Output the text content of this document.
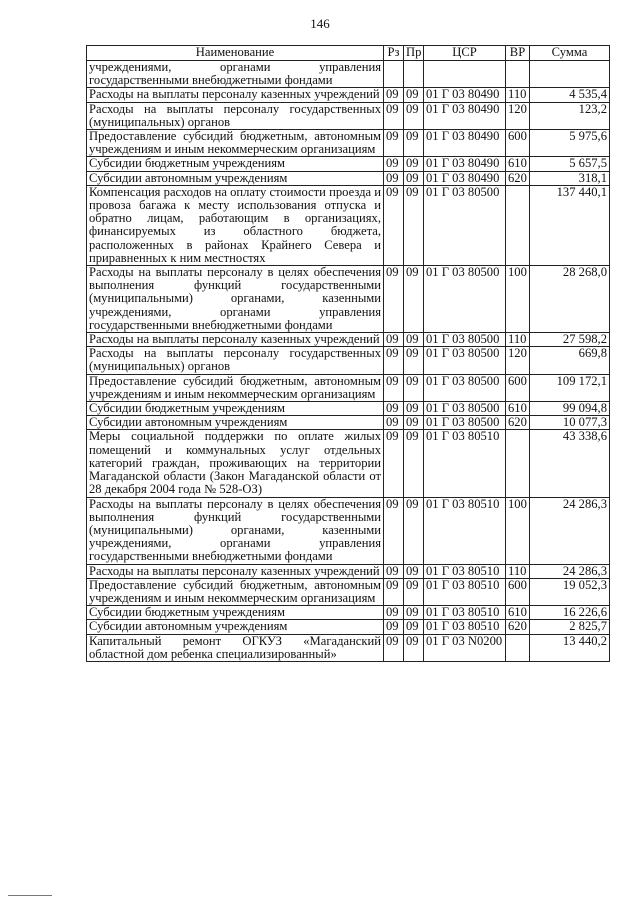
146
Наименование	Рз	Пр	ЦСР	ВР	Сумма
учреждениями, органами управления государственными внебюджетными фондами					
Расходы на выплаты персоналу казенных учреждений	09	09	01 Г 03 80490	110	4 535,4
Расходы на выплаты персоналу государственных (муниципальных) органов	09	09	01 Г 03 80490	120	123,2
Предоставление субсидий бюджетным, автономным учреждениям и иным некоммерческим организациям	09	09	01 Г 03 80490	600	5 975,6
Субсидии бюджетным учреждениям	09	09	01 Г 03 80490	610	5 657,5
Субсидии автономным учреждениям	09	09	01 Г 03 80490	620	318,1
Компенсация расходов на оплату стоимости проезда и провоза багажа к месту использования отпуска и обратно лицам, работающим в организациях, финансируемых из областного бюджета, расположенных в районах Крайнего Севера и приравненных к ним местностях	09	09	01 Г 03 80500		137 440,1
Расходы на выплаты персоналу в целях обеспечения выполнения функций государственными (муниципальными) органами, казенными учреждениями, органами управления государственными внебюджетными фондами	09	09	01 Г 03 80500	100	28 268,0
Расходы на выплаты персоналу казенных учреждений	09	09	01 Г 03 80500	110	27 598,2
Расходы на выплаты персоналу государственных (муниципальных) органов	09	09	01 Г 03 80500	120	669,8
Предоставление субсидий бюджетным, автономным учреждениям и иным некоммерческим организациям	09	09	01 Г 03 80500	600	109 172,1
Субсидии бюджетным учреждениям	09	09	01 Г 03 80500	610	99 094,8
Субсидии автономным учреждениям	09	09	01 Г 03 80500	620	10 077,3
Меры социальной поддержки по оплате жилых помещений и коммунальных услуг отдельных категорий граждан, проживающих на территории Магаданской области (Закон Магаданской области от 28 декабря 2004 года № 528-ОЗ)	09	09	01 Г 03 80510		43 338,6
Расходы на выплаты персоналу в целях обеспечения выполнения функций государственными (муниципальными) органами, казенными учреждениями, органами управления государственными внебюджетными фондами	09	09	01 Г 03 80510	100	24 286,3
Расходы на выплаты персоналу казенных учреждений	09	09	01 Г 03 80510	110	24 286,3
Предоставление субсидий бюджетным, автономным учреждениям и иным некоммерческим организациям	09	09	01 Г 03 80510	600	19 052,3
Субсидии бюджетным учреждениям	09	09	01 Г 03 80510	610	16 226,6
Субсидии автономным учреждениям	09	09	01 Г 03 80510	620	2 825,7
Капитальный ремонт ОГКУЗ «Магаданский областной дом ребенка специализированный»	09	09	01 Г 03 N0200		13 440,2
